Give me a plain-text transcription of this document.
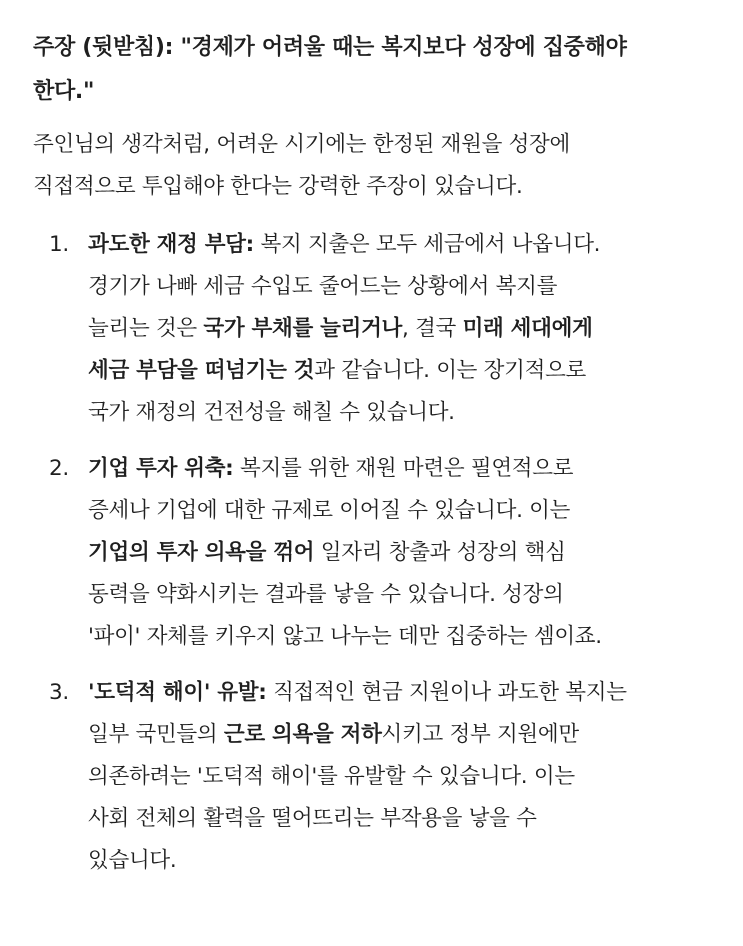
주장 (뒷받침): "경제가 어려울 때는 복지보다 성장에 집중해야
한다."

주인님의 생각처럼, 어려운 시기에는 한정된 재원을 성장에
직접적으로 투입해야 한다는 강력한 주장이 있습니다.

1. 과도한 재정 부담: 복지 지출은 모두 세금에서 나옵니다.
경기가 나빠 세금 수입도 줄어드는 상황에서 복지를
늘리는 것은 국가 부채를 늘리거나, 결국 미래 세대에게
세금 부담을 떠넘기는 것과 같습니다. 이는 장기적으로
국가 재정의 건전성을 해칠 수 있습니다.
2. 기업 투자 위축: 복지를 위한 재원 마련은 필연적으로
증세나 기업에 대한 규제로 이어질 수 있습니다. 이는
기업의 투자 의욕을 꺾어 일자리 창출과 성장의 핵심
동력을 약화시키는 결과를 낳을 수 있습니다. 성장의
'파이' 자체를 키우지 않고 나누는 데만 집중하는 셈이죠.
3. '도덕적 해이' 유발: 직접적인 현금 지원이나 과도한 복지는
일부 국민들의 근로 의욕을 저하시키고 정부 지원에만
의존하려는 '도덕적 해이'를 유발할 수 있습니다. 이는
사회 전체의 활력을 떨어뜨리는 부작용을 낳을 수
있습니다.
